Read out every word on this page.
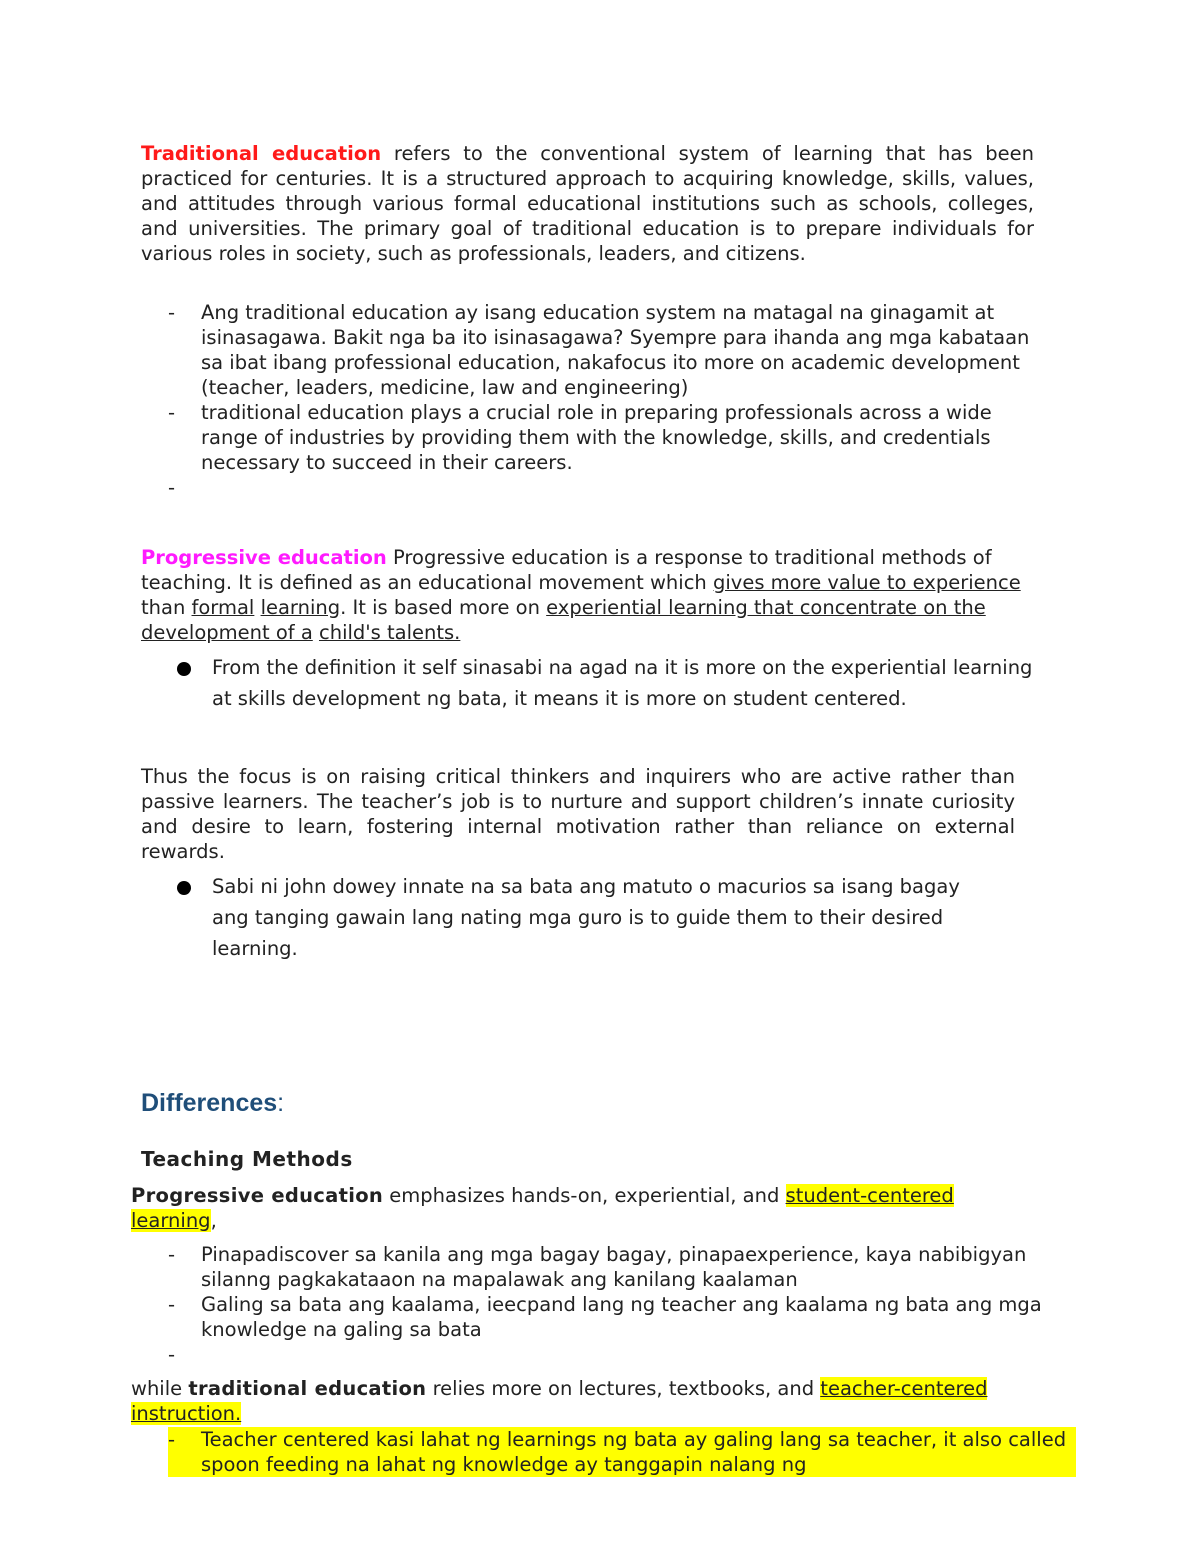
Traditional education refers to the conventional system of learning that has been practiced for centuries. It is a structured approach to acquiring knowledge, skills, values, and attitudes through various formal educational institutions such as schools, colleges, and universities. The primary goal of traditional education is to prepare individuals for various roles in society, such as professionals, leaders, and citizens.

- Ang traditional education ay isang education system na matagal na ginagamit at isinasagawa. Bakit nga ba ito isinasagawa? Syempre para ihanda ang mga kabataan sa ibat ibang professional education, nakafocus ito more on academic development (teacher, leaders, medicine, law and engineering)
- traditional education plays a crucial role in preparing professionals across a wide range of industries by providing them with the knowledge, skills, and credentials necessary to succeed in their careers.
-

Progressive education Progressive education is a response to traditional methods of teaching. It is defined as an educational movement which gives more value to experience than formal learning. It is based more on experiential learning that concentrate on the development of a child's talents.

From the definition it self sinasabi na agad na it is more on the experiential learning at skills development ng bata, it means it is more on student centered.

Thus the focus is on raising critical thinkers and inquirers who are active rather than passive learners. The teacher’s job is to nurture and support children’s innate curiosity and desire to learn, fostering internal motivation rather than reliance on external rewards.

Sabi ni john dowey innate na sa bata ang matuto o macurios sa isang bagay ang tanging gawain lang nating mga guro is to guide them to their desired learning.
Differences:
Teaching Methods

Progressive education emphasizes hands-on, experiential, and student-centered learning,

- Pinapadiscover sa kanila ang mga bagay bagay, pinapaexperience, kaya nabibigyan silanng pagkakataaon na mapalawak ang kanilang kaalaman
- Galing sa bata ang kaalama, ieecpand lang ng teacher ang kaalama ng bata ang mga knowledge na galing sa bata
-

while traditional education relies more on lectures, textbooks, and teacher-centered instruction.

- Teacher centered kasi lahat ng learnings ng bata ay galing lang sa teacher, it also called spoon feeding na lahat ng knowledge ay tanggapin nalang ng
